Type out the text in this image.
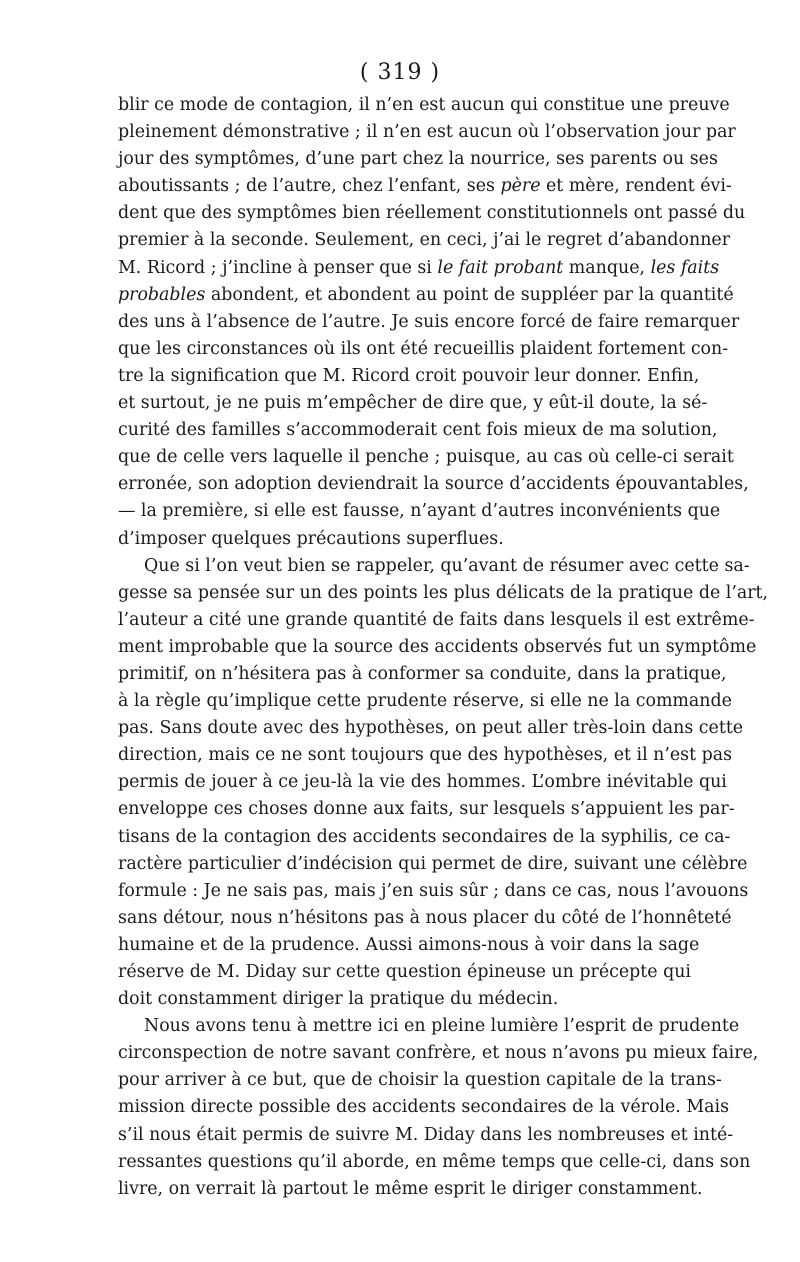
( 319 )
blir ce mode de contagion, il n’en est aucun qui constitue une preuve
pleinement démonstrative ; il n’en est aucun où l’observation jour par
jour des symptômes, d’une part chez la nourrice, ses parents ou ses
aboutissants ; de l’autre, chez l’enfant, ses père et mère, rendent évi-
dent que des symptômes bien réellement constitutionnels ont passé du
premier à la seconde. Seulement, en ceci, j’ai le regret d’abandonner
M. Ricord ; j’incline à penser que si le fait probant manque, les faits
probables abondent, et abondent au point de suppléer par la quantité
des uns à l’absence de l’autre. Je suis encore forcé de faire remarquer
que les circonstances où ils ont été recueillis plaident fortement con-
tre la signification que M. Ricord croit pouvoir leur donner. Enfin,
et surtout, je ne puis m’empêcher de dire que, y eût-il doute, la sé-
curité des familles s’accommoderait cent fois mieux de ma solution,
que de celle vers laquelle il penche ; puisque, au cas où celle-ci serait
erronée, son adoption deviendrait la source d’accidents épouvantables,
— la première, si elle est fausse, n’ayant d’autres inconvénients que
d’imposer quelques précautions superflues.
Que si l’on veut bien se rappeler, qu’avant de résumer avec cette sa-
gesse sa pensée sur un des points les plus délicats de la pratique de l’art,
l’auteur a cité une grande quantité de faits dans lesquels il est extrême-
ment improbable que la source des accidents observés fut un symptôme
primitif, on n’hésitera pas à conformer sa conduite, dans la pratique,
à la règle qu’implique cette prudente réserve, si elle ne la commande
pas. Sans doute avec des hypothèses, on peut aller très-loin dans cette
direction, mais ce ne sont toujours que des hypothèses, et il n’est pas
permis de jouer à ce jeu-là la vie des hommes. L’ombre inévitable qui
enveloppe ces choses donne aux faits, sur lesquels s’appuient les par-
tisans de la contagion des accidents secondaires de la syphilis, ce ca-
ractère particulier d’indécision qui permet de dire, suivant une célèbre
formule : Je ne sais pas, mais j’en suis sûr ; dans ce cas, nous l’avouons
sans détour, nous n’hésitons pas à nous placer du côté de l’honnêteté
humaine et de la prudence. Aussi aimons-nous à voir dans la sage
réserve de M. Diday sur cette question épineuse un précepte qui
doit constamment diriger la pratique du médecin.
Nous avons tenu à mettre ici en pleine lumière l’esprit de prudente
circonspection de notre savant confrère, et nous n’avons pu mieux faire,
pour arriver à ce but, que de choisir la question capitale de la trans-
mission directe possible des accidents secondaires de la vérole. Mais
s’il nous était permis de suivre M. Diday dans les nombreuses et inté-
ressantes questions qu’il aborde, en même temps que celle-ci, dans son
livre, on verrait là partout le même esprit le diriger constamment.
